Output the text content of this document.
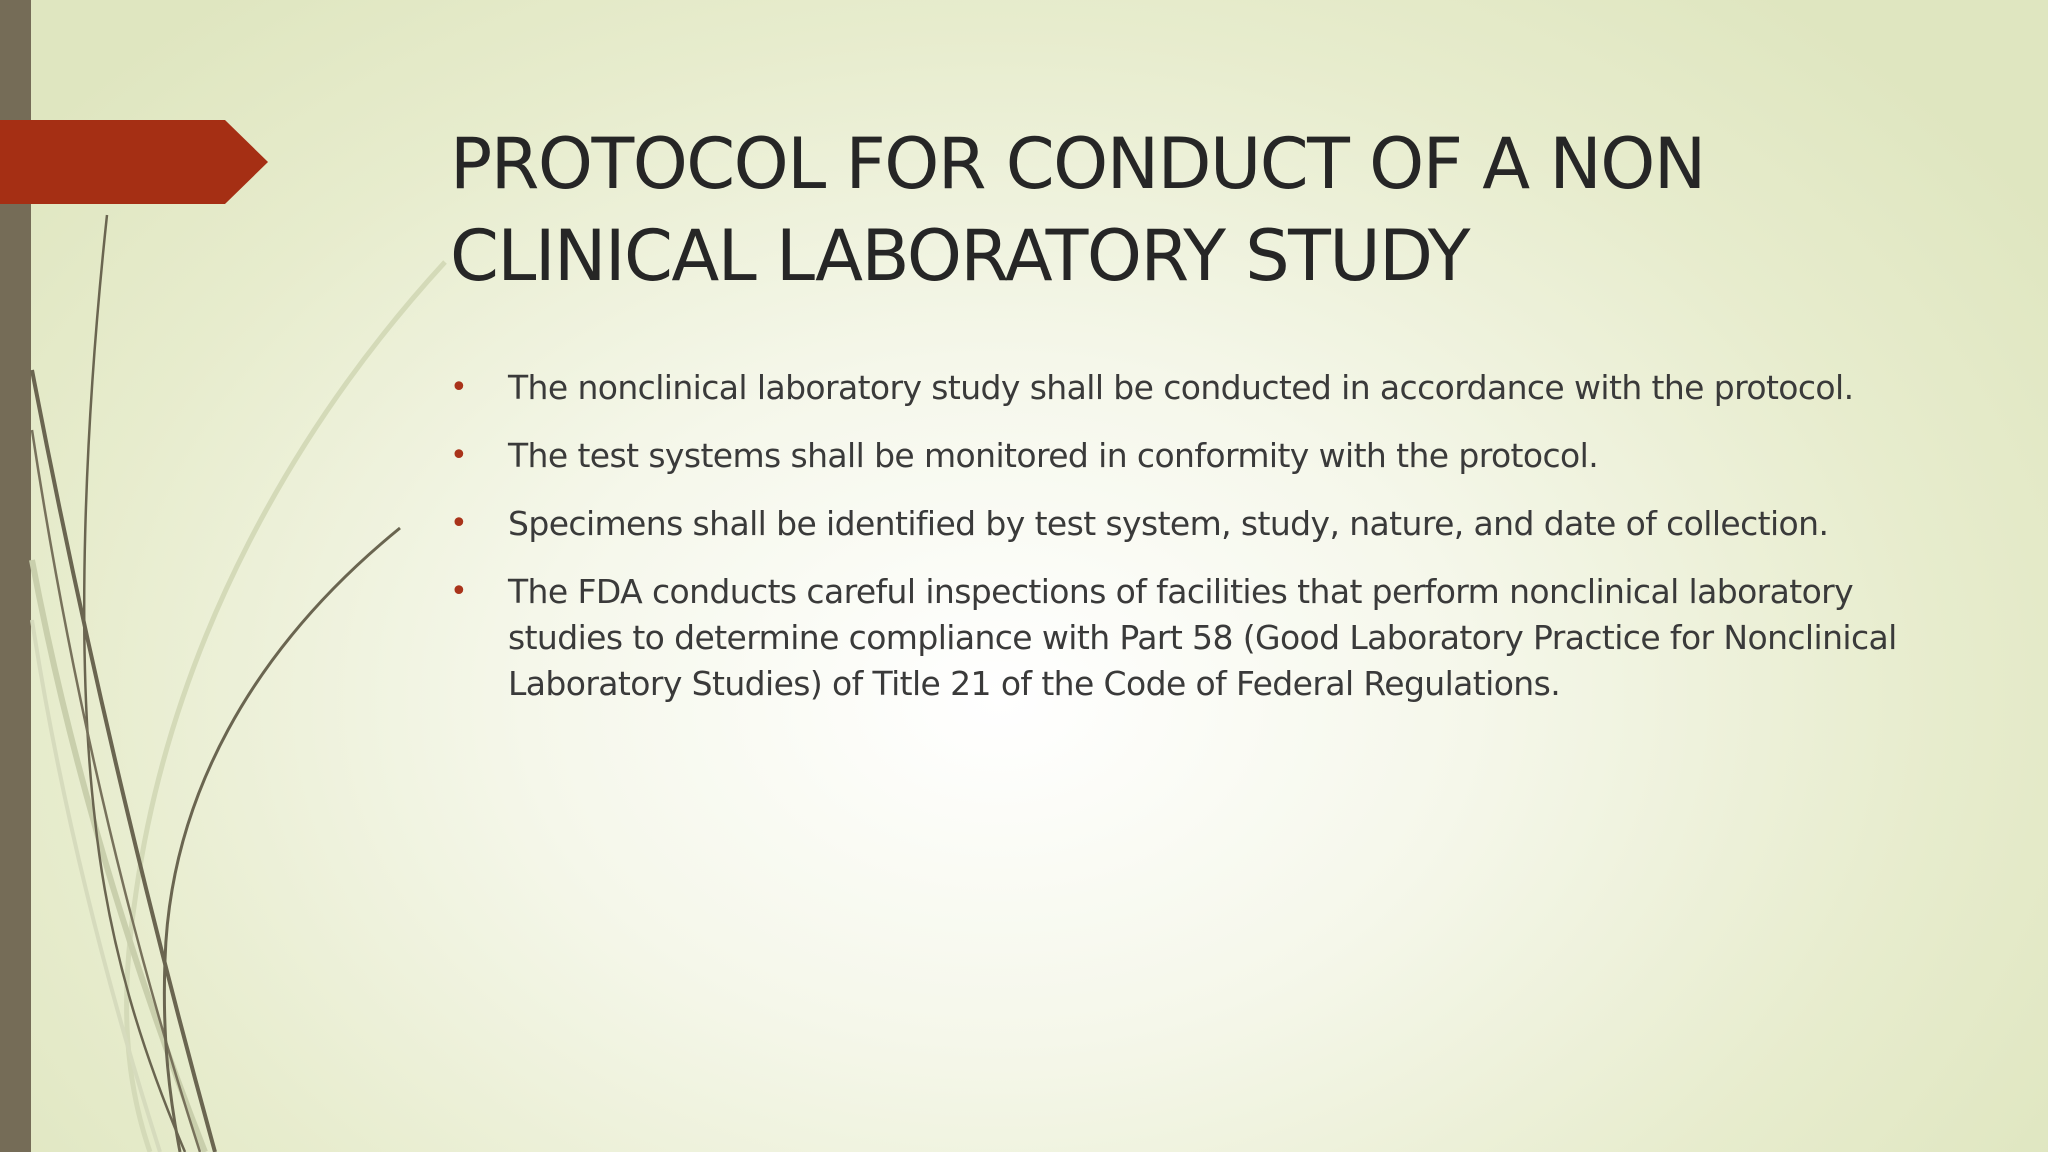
PROTOCOL FOR CONDUCT OF A NON CLINICAL LABORATORY STUDY
• The nonclinical laboratory study shall be conducted in accordance with the protocol.
• The test systems shall be monitored in conformity with the protocol.
• Specimens shall be identified by test system, study, nature, and date of collection.
• The FDA conducts careful inspections of facilities that perform nonclinical laboratory studies to determine compliance with Part 58 (Good Laboratory Practice for Nonclinical Laboratory Studies) of Title 21 of the Code of Federal Regulations.
